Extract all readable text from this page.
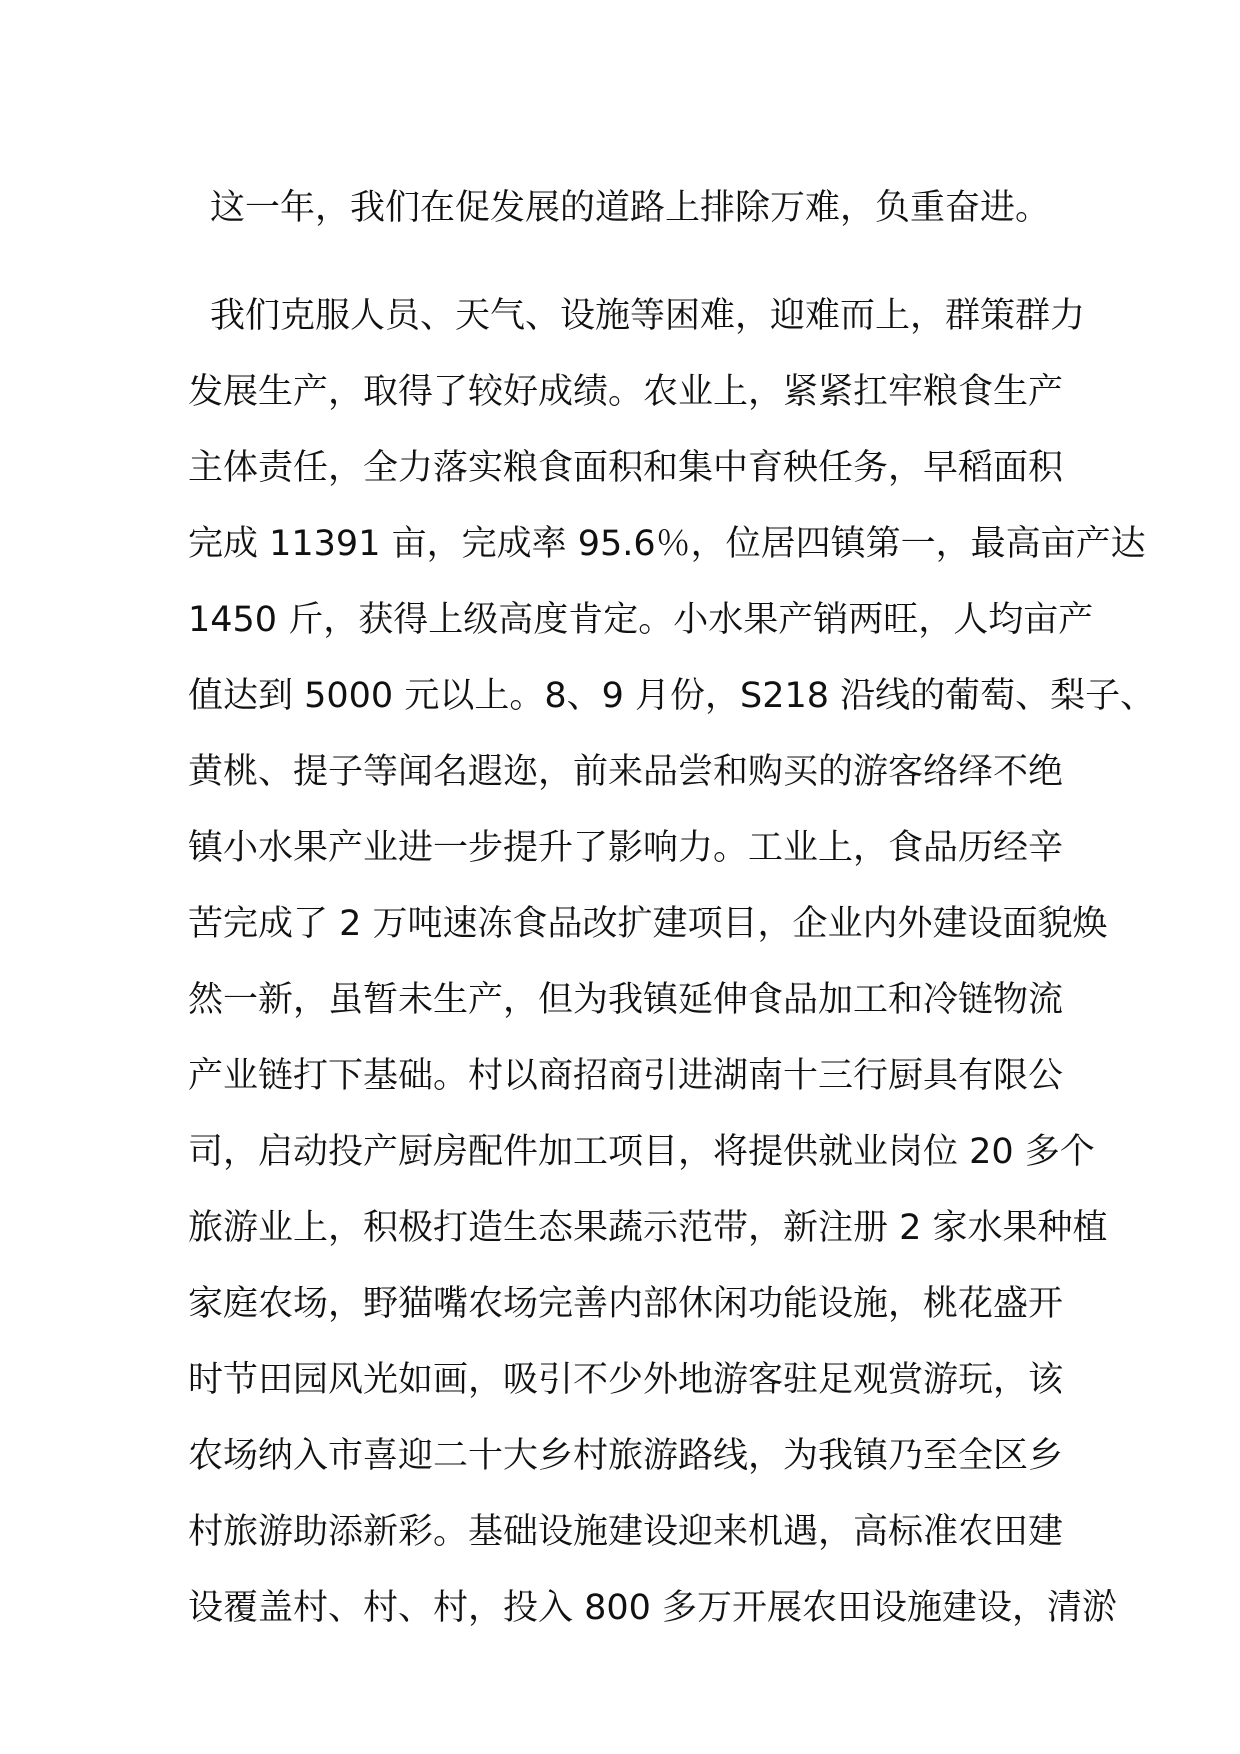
这一年，我们在促发展的道路上排除万难，负重奋进。
我们克服人员、天气、设施等困难，迎难而上，群策群力
发展生产，取得了较好成绩。农业上，紧紧扛牢粮食生产
主体责任，全力落实粮食面积和集中育秧任务，早稻面积
完成 11391 亩，完成率 95.6％，位居四镇第一，最高亩产达
1450 斤，获得上级高度肯定。小水果产销两旺，人均亩产
值达到 5000 元以上。8、9 月份，S218 沿线的葡萄、梨子、
黄桃、提子等闻名遐迩，前来品尝和购买的游客络绎不绝
镇小水果产业进一步提升了影响力。工业上，食品历经辛
苦完成了 2 万吨速冻食品改扩建项目，企业内外建设面貌焕
然一新，虽暂未生产，但为我镇延伸食品加工和冷链物流
产业链打下基础。村以商招商引进湖南十三行厨具有限公
司，启动投产厨房配件加工项目，将提供就业岗位 20 多个
旅游业上，积极打造生态果蔬示范带，新注册 2 家水果种植
家庭农场，野猫嘴农场完善内部休闲功能设施，桃花盛开
时节田园风光如画，吸引不少外地游客驻足观赏游玩，该
农场纳入市喜迎二十大乡村旅游路线，为我镇乃至全区乡
村旅游助添新彩。基础设施建设迎来机遇，高标准农田建
设覆盖村、村、村，投入 800 多万开展农田设施建设，清淤
